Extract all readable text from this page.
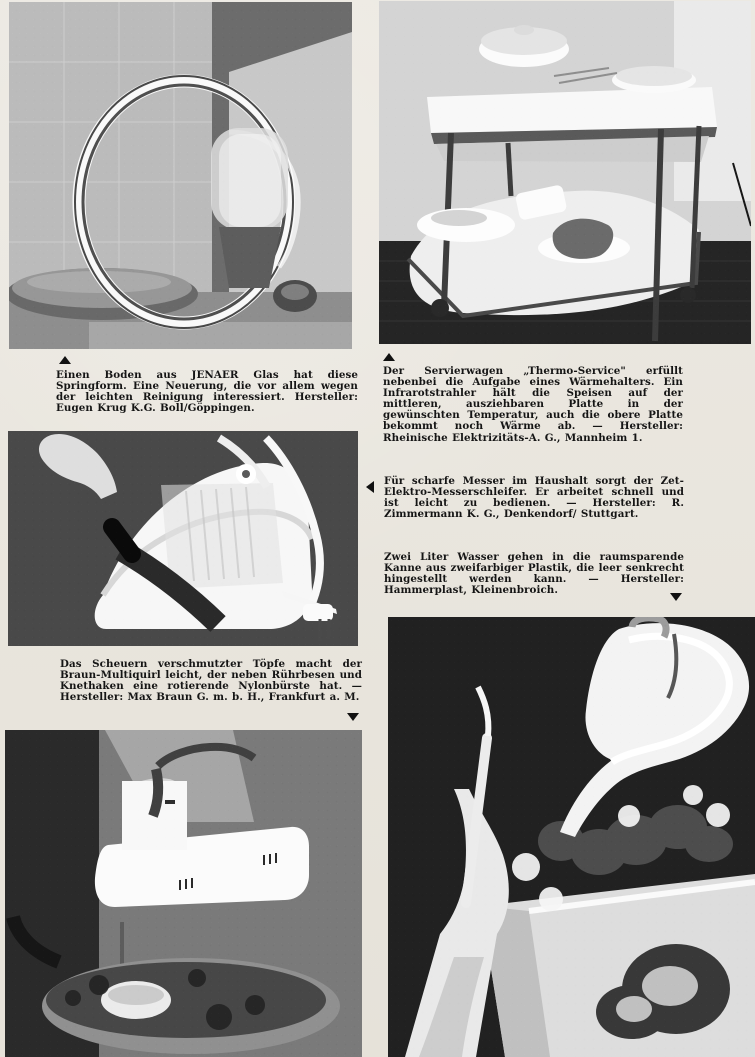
Einen Boden aus JENAER Glas hat diese Springform. Eine Neuerung, die vor allem wegen der leichten Reinigung interessiert. Hersteller: Eugen Krug K.G. Boll/Göppingen.
Der Servierwagen „Thermo-Service" erfüllt nebenbei die Aufgabe eines Wärmehalters. Ein Infrarotstrahler hält die Speisen auf der mittleren, ausziehbaren Platte in der gewünschten Temperatur, auch die obere Platte bekommt noch Wärme ab. — Hersteller: Rheinische Elektrizitäts-A. G., Mannheim 1.
Für scharfe Messer im Haushalt sorgt der Zet-Elektro-Messerschleifer. Er arbeitet schnell und ist leicht zu bedienen. — Hersteller: R. Zimmermann K. G., Denkendorf/ Stuttgart.
Zwei Liter Wasser gehen in die raumsparende Kanne aus zweifarbiger Plastik, die leer senkrecht hingestellt werden kann. — Hersteller: Hammerplast, Kleinenbroich.
Das Scheuern verschmutzter Töpfe macht der Braun-Multiquirl leicht, der neben Rührbesen und Knethaken eine rotierende Nylonbürste hat. — Hersteller: Max Braun G. m. b. H., Frankfurt a. M.
